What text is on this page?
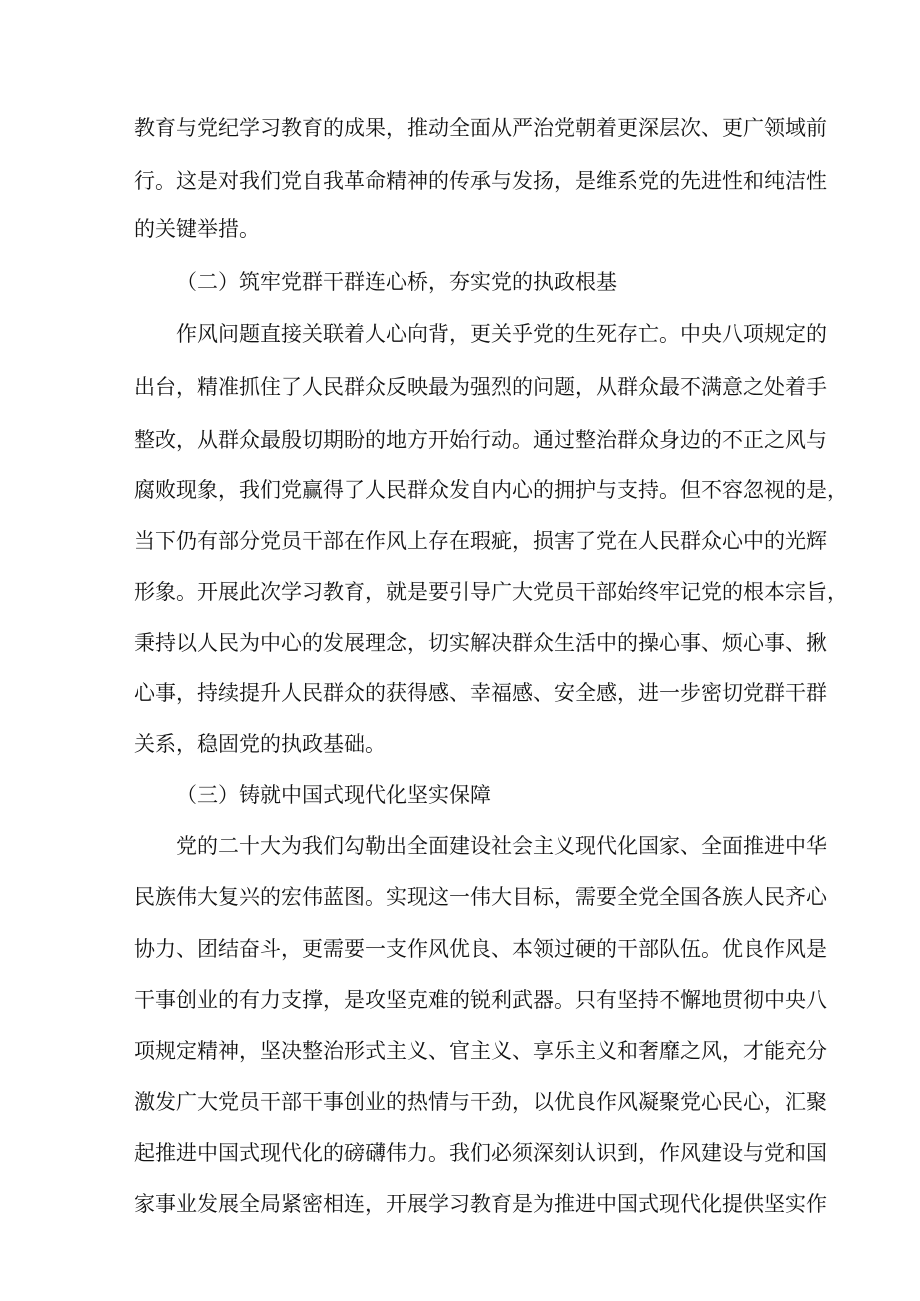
教育与党纪学习教育的成果，推动全面从严治党朝着更深层次、更广领域前
行。这是对我们党自我革命精神的传承与发扬，是维系党的先进性和纯洁性
的关键举措。
（二）筑牢党群干群连心桥，夯实党的执政根基
作风问题直接关联着人心向背，更关乎党的生死存亡。中央八项规定的
出台，精准抓住了人民群众反映最为强烈的问题，从群众最不满意之处着手
整改，从群众最殷切期盼的地方开始行动。通过整治群众身边的不正之风与
腐败现象，我们党赢得了人民群众发自内心的拥护与支持。但不容忽视的是，
当下仍有部分党员干部在作风上存在瑕疵，损害了党在人民群众心中的光辉
形象。开展此次学习教育，就是要引导广大党员干部始终牢记党的根本宗旨，
秉持以人民为中心的发展理念，切实解决群众生活中的操心事、烦心事、揪
心事，持续提升人民群众的获得感、幸福感、安全感，进一步密切党群干群
关系，稳固党的执政基础。
（三）铸就中国式现代化坚实保障
党的二十大为我们勾勒出全面建设社会主义现代化国家、全面推进中华
民族伟大复兴的宏伟蓝图。实现这一伟大目标，需要全党全国各族人民齐心
协力、团结奋斗，更需要一支作风优良、本领过硬的干部队伍。优良作风是
干事创业的有力支撑，是攻坚克难的锐利武器。只有坚持不懈地贯彻中央八
项规定精神，坚决整治形式主义、官主义、享乐主义和奢靡之风，才能充分
激发广大党员干部干事创业的热情与干劲，以优良作风凝聚党心民心，汇聚
起推进中国式现代化的磅礴伟力。我们必须深刻认识到，作风建设与党和国
家事业发展全局紧密相连，开展学习教育是为推进中国式现代化提供坚实作
